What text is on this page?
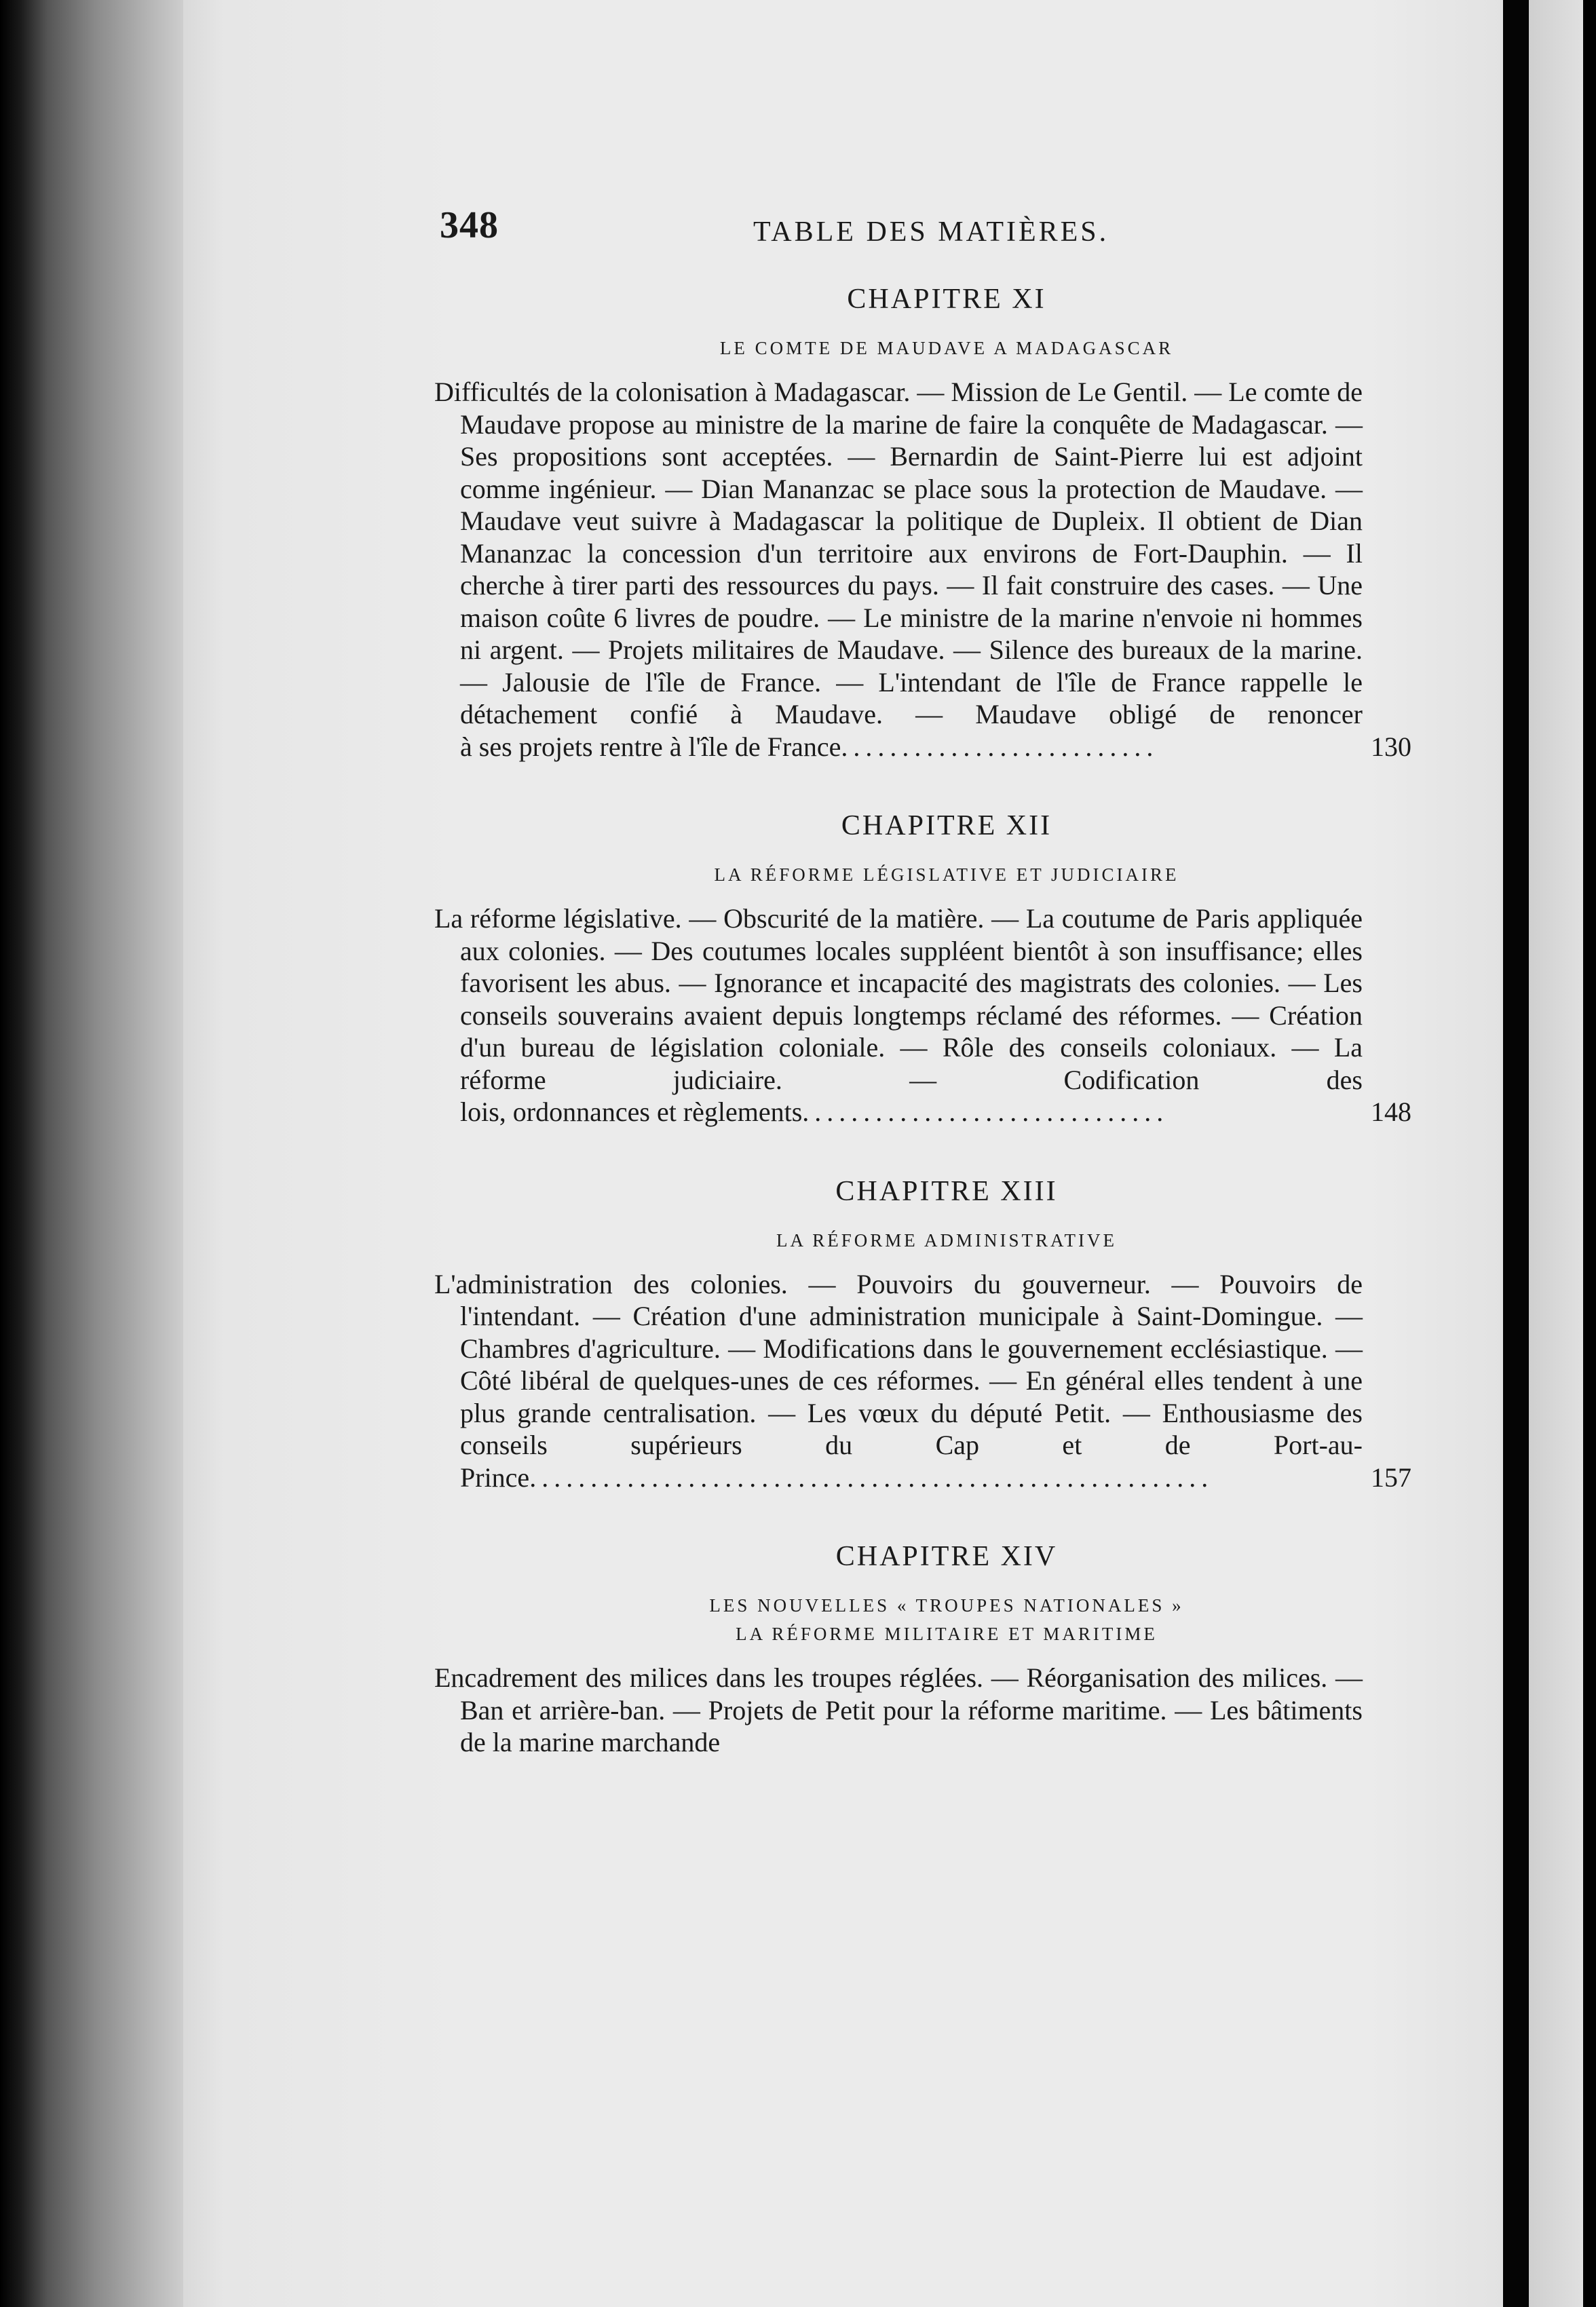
348	TABLE DES MATIÈRES.
CHAPITRE XI
LE COMTE DE MAUDAVE A MADAGASCAR

Difficultés de la colonisation à Madagascar. — Mission de Le Gentil. — Le comte de Maudave propose au ministre de la marine de faire la conquête de Madagascar. — Ses propositions sont acceptées. — Bernardin de Saint-Pierre lui est adjoint comme ingénieur. — Dian Mananzac se place sous la protection de Maudave. — Maudave veut suivre à Madagascar la politique de Dupleix. Il obtient de Dian Mananzac la concession d'un territoire aux environs de Fort-Dauphin. — Il cherche à tirer parti des ressources du pays. — Il fait construire des cases. — Une maison coûte 6 livres de poudre. — Le ministre de la marine n'envoie ni hommes ni argent. — Projets militaires de Maudave. — Silence des bureaux de la marine. — Jalousie de l'île de France. — L'intendant de l'île de France rappelle le détachement confié à Maudave. — Maudave obligé de renoncer à ses projets rentre à l'île de France..........................	130
CHAPITRE XII
LA RÉFORME LÉGISLATIVE ET JUDICIAIRE

La réforme législative. — Obscurité de la matière. — La coutume de Paris appliquée aux colonies. — Des coutumes locales suppléent bientôt à son insuffisance; elles favorisent les abus. — Ignorance et incapacité des magistrats des colonies. — Les conseils souverains avaient depuis longtemps réclamé des réformes. — Création d'un bureau de législation coloniale. — Rôle des conseils coloniaux. — La réforme judiciaire. — Codification des lois, ordonnances et règlements..............................	148
CHAPITRE XIII
LA RÉFORME ADMINISTRATIVE

L'administration des colonies. — Pouvoirs du gouverneur. — Pouvoirs de l'intendant. — Création d'une administration municipale à Saint-Domingue. — Chambres d'agriculture. — Modifications dans le gouvernement ecclésiastique. — Côté libéral de quelques-unes de ces réformes. — En général elles tendent à une plus grande centralisation. — Les vœux du député Petit. — Enthousiasme des conseils supérieurs du Cap et de Port-au- Prince........................................................	157
CHAPITRE XIV
LES NOUVELLES « TROUPES NATIONALES »
LA RÉFORME MILITAIRE ET MARITIME

Encadrement des milices dans les troupes réglées. — Réorganisation des milices. — Ban et arrière-ban. — Projets de Petit pour la réforme maritime. — Les bâtiments de la marine marchande
